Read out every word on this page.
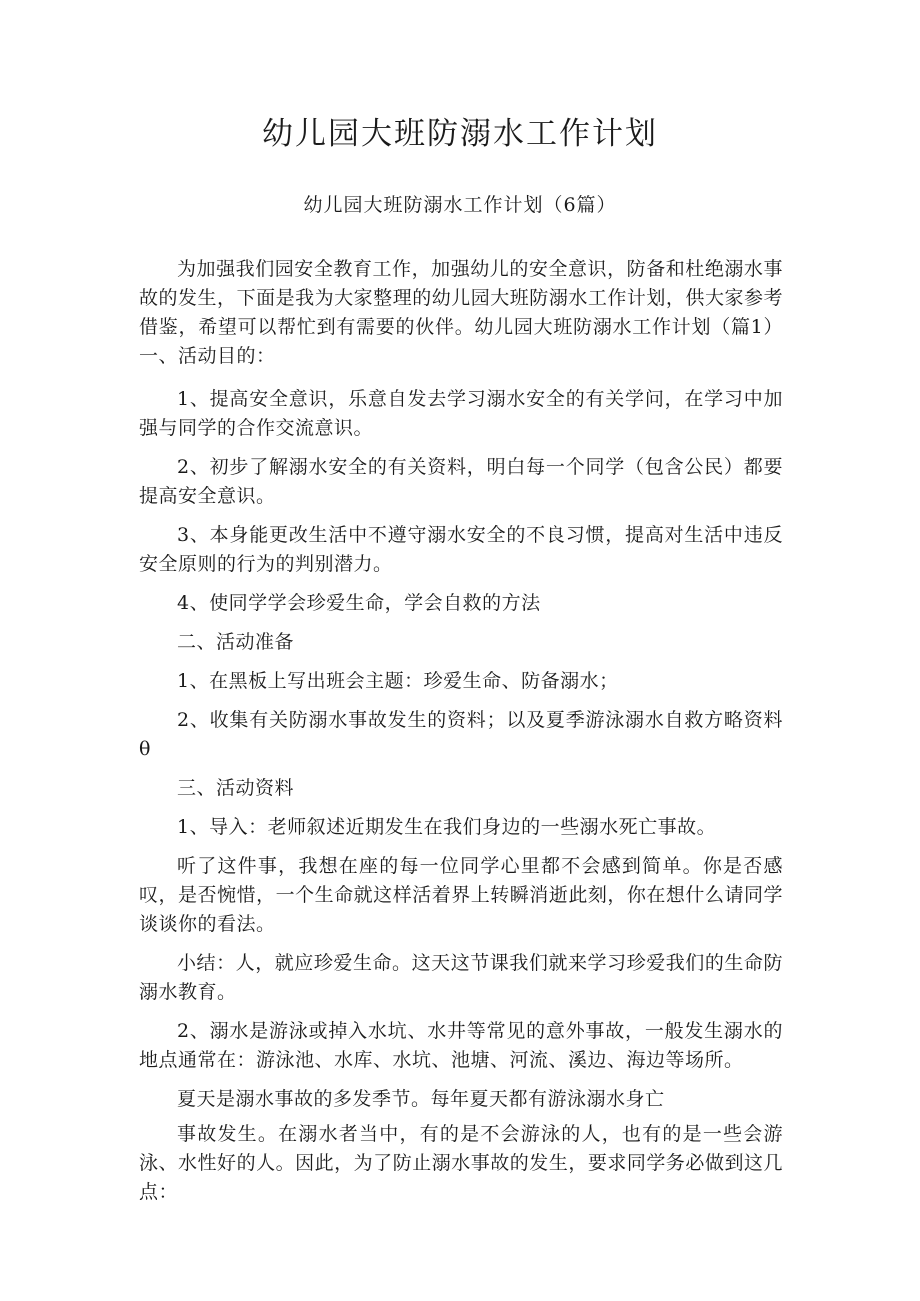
幼儿园大班防溺水工作计划
幼儿园大班防溺水工作计划（6篇）

为加强我们园安全教育工作，加强幼儿的安全意识，防备和杜绝溺水事故的发生，下面是我为大家整理的幼儿园大班防溺水工作计划，供大家参考借鉴，希望可以帮忙到有需要的伙伴。幼儿园大班防溺水工作计划（篇1）一、活动目的：

1、提高安全意识，乐意自发去学习溺水安全的有关学问，在学习中加强与同学的合作交流意识。

2、初步了解溺水安全的有关资料，明白每一个同学（包含公民）都要提高安全意识。

3、本身能更改生活中不遵守溺水安全的不良习惯，提高对生活中违反安全原则的行为的判别潜力。

4、使同学学会珍爱生命，学会自救的方法

二、活动准备

1、在黑板上写出班会主题：珍爱生命、防备溺水；

2、收集有关防溺水事故发生的资料；以及夏季游泳溺水自救方略资料 θ

三、活动资料

1、导入：老师叙述近期发生在我们身边的一些溺水死亡事故。

听了这件事，我想在座的每一位同学心里都不会感到简单。你是否感叹，是否惋惜，一个生命就这样活着界上转瞬消逝此刻，你在想什么请同学谈谈你的看法。

小结：人，就应珍爱生命。这天这节课我们就来学习珍爱我们的生命防溺水教育。

2、溺水是游泳或掉入水坑、水井等常见的意外事故，一般发生溺水的地点通常在：游泳池、水库、水坑、池塘、河流、溪边、海边等场所。

夏天是溺水事故的多发季节。每年夏天都有游泳溺水身亡

事故发生。在溺水者当中，有的是不会游泳的人，也有的是一些会游泳、水性好的人。因此，为了防止溺水事故的发生，要求同学务必做到这几点：
